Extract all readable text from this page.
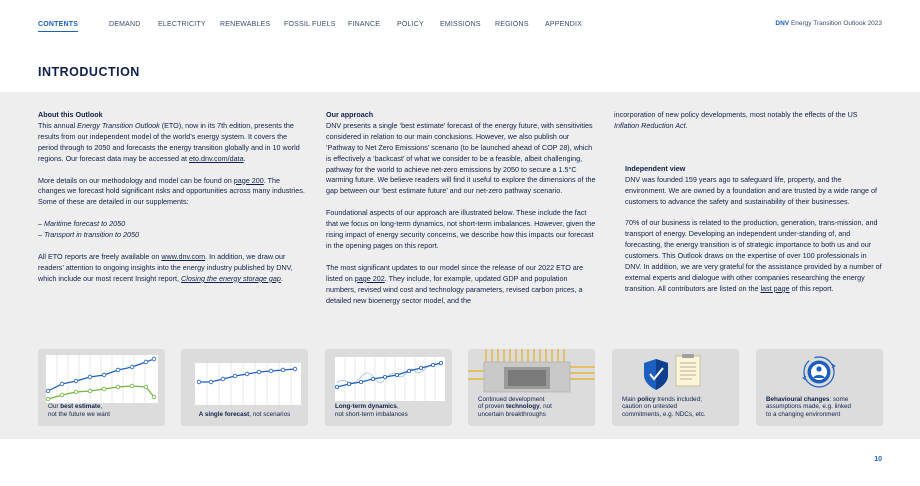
CONTENTS	DEMAND ELECTRICITY RENEWABLES FOSSIL FUELS FINANCE POLICY EMISSIONS REGIONS APPENDIX	DNV Energy Transition Outlook 2023
INTRODUCTION
About this Outlook

This annual Energy Transition Outlook (ETO), now in its 7th edition, presents the results from our independent model of the world’s energy system. It covers the period through to 2050 and forecasts the energy transition globally and in 10 world regions. Our forecast data may be accessed at eto.dnv.com/data.

More details on our methodology and model can be found on page 200. The changes we forecast hold significant risks and opportunities across many industries. Some of these are detailed in our supplements:

– Maritime forecast to 2050
– Transport in transition to 2050

All ETO reports are freely available on www.dnv.com. In addition, we draw our readers’ attention to ongoing insights into the energy industry published by DNV, which include our most recent Insight report, Closing the energy storage gap.

Our approach

DNV presents a single ‘best estimate’ forecast of the energy future, with sensitivities considered in relation to our main conclusions. However, we also publish our ‘Pathway to Net Zero Emissions’ scenario (to be launched ahead of COP 28), which is effectively a ‘backcast’ of what we consider to be a feasible, albeit challenging, pathway for the world to achieve net-zero emissions by 2050 to secure a 1.5°C warming future. We believe readers will find it useful to explore the dimensions of the gap between our ‘best estimate future’ and our net-zero pathway scenario.

Foundational aspects of our approach are illustrated below. These include the fact that we focus on long-term dynamics, not short-term imbalances. However, given the rising impact of energy security concerns, we describe how this impacts our forecast in the opening pages on this report.

The most significant updates to our model since the release of our 2022 ETO are listed on page 202. They include, for example, updated GDP and population numbers, revised wind cost and technology parameters, revised carbon prices, a detailed new bioenergy sector model, and the

incorporation of new policy developments, most notably the effects of the US Inflation Reduction Act.

Independent view

DNV was founded 159 years ago to safeguard life, property, and the environment. We are owned by a foundation and are trusted by a wide range of customers to advance the safety and sustainability of their businesses.

70% of our business is related to the production, generation, trans-mission, and transport of energy. Developing an independent under-standing of, and forecasting, the energy transition is of strategic importance to both us and our customers. This Outlook draws on the expertise of over 100 professionals in DNV. In addition, we are very grateful for the assistance provided by a number of external experts and dialogue with other companies researching the energy transition. All contributors are listed on the last page of this report.

Our best estimate,
not the future we want	A single forecast, not scenarios
Long-term dynamics,
not short-term imbalances
Continued development
of proven technology, not
uncertain breakthroughs
Main policy trends included;
caution on untested
commitments, e.g. NDCs, etc.
Behavioural changes: some
assumptions made, e.g. linked
to a changing environment
10
